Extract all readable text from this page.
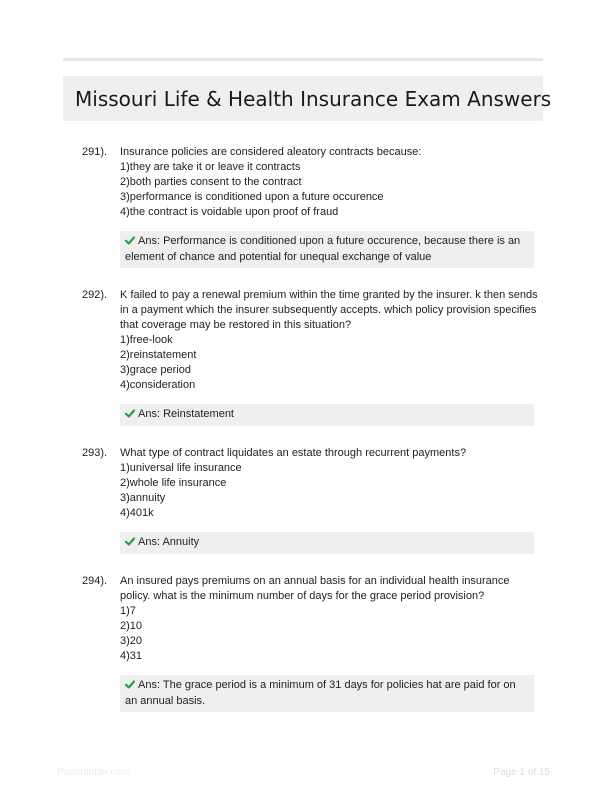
Missouri Life & Health Insurance Exam Answers
291). Insurance policies are considered aleatory contracts because:

1)they are take it or leave it contracts
2)both parties consent to the contract
3)performance is conditioned upon a future occurence
4)the contract is voidable upon proof of fraud
Ans: Performance is conditioned upon a future occurence, because there is an element of chance and potential for unequal exchange of value
292). K failed to pay a renewal premium within the time granted by the insurer. k then sends in a payment which the insurer subsequently accepts. which policy provision specifies that coverage may be restored in this situation?

1)free-look
2)reinstatement
3)grace period
4)consideration
Ans: Reinstatement
293). What type of contract liquidates an estate through recurrent payments?

1)universal life insurance
2)whole life insurance
3)annuity
4)401k
Ans: Annuity
294). An insured pays premiums on an annual basis for an individual health insurance policy. what is the minimum number of days for the grace period provision?

1)7
2)10
3)20
4)31
Ans: The grace period is a minimum of 31 days for policies hat are paid for on an annual basis.
Papersbble.com	Page 1 of 15
